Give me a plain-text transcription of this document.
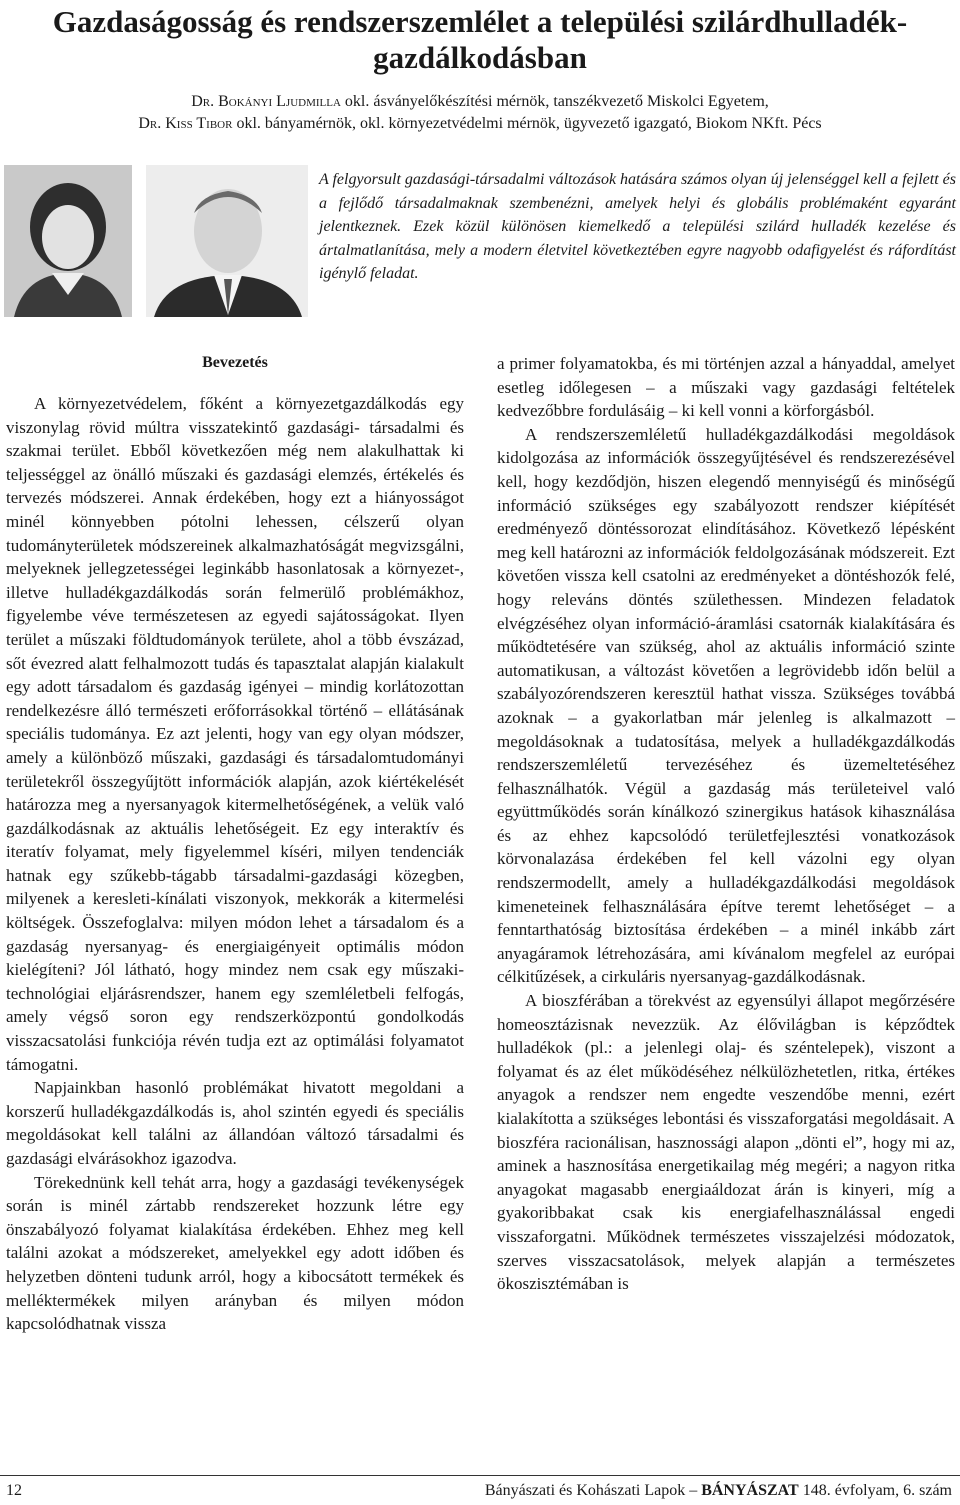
Gazdaságosság és rendszerszemlélet a települési szilárdhulladék-gazdálkodásban
Dr. Bokányi Ljudmilla okl. ásványelőkészítési mérnök, tanszékvezető Miskolci Egyetem,
Dr. Kiss Tibor okl. bányamérnök, okl. környezetvédelmi mérnök, ügyvezető igazgató, Biokom NKft. Pécs

A felgyorsult gazdasági-társadalmi változások hatására számos olyan új jelenséggel kell a fejlett és a fejlődő társadalmaknak szembenézni, amelyek helyi és globális problémaként egyaránt jelentkeznek. Ezek közül különösen kiemelkedő a települési szilárd hulladék kezelése és ártalmatlanítása, mely a modern életvitel következtében egyre nagyobb odafigyelést és ráfordítást igénylő feladat.

Bevezetés

A környezetvédelem, főként a környezetgazdálkodás egy viszonylag rövid múltra visszatekintő gazdasági- társadalmi és szakmai terület. Ebből következően még nem alakulhattak ki teljességgel az önálló műszaki és gazdasági elemzés, értékelés és tervezés módszerei. Annak érdekében, hogy ezt a hiányosságot minél könnyebben pótolni lehessen, célszerű olyan tudományterületek módszereinek alkalmazhatóságát megvizsgálni, melyeknek jellegzetességei leginkább hasonlatosak a környezet-, illetve hulladékgazdálkodás során felmerülő problémákhoz, figyelembe véve természetesen az egyedi sajátosságokat. Ilyen terület a műszaki földtudományok területe, ahol a több évszázad, sőt évezred alatt felhalmozott tudás és tapasztalat alapján kialakult egy adott társadalom és gazdaság igényei – mindig korlátozottan rendelkezésre álló természeti erőforrásokkal történő – ellátásának speciális tudománya. Ez azt jelenti, hogy van egy olyan módszer, amely a különböző műszaki, gazdasági és társadalomtudományi területekről összegyűjtött információk alapján, azok kiértékelését határozza meg a nyersanyagok kitermelhetőségének, a velük való gazdálkodásnak az aktuális lehetőségeit. Ez egy interaktív és iteratív folyamat, mely figyelemmel kíséri, milyen tendenciák hatnak egy szűkebb-tágabb társadalmi-gazdasági közegben, milyenek a keresleti-kínálati viszonyok, mekkorák a kitermelési költségek. Összefoglalva: milyen módon lehet a társadalom és a gazdaság nyersanyag- és energiaigényeit optimális módon kielégíteni? Jól látható, hogy mindez nem csak egy műszaki-technológiai eljárásrendszer, hanem egy szemléletbeli felfogás, amely végső soron egy rendszerközpontú gondolkodás visszacsatolási funkciója révén tudja ezt az optimálási folyamatot támogatni.

Napjainkban hasonló problémákat hivatott megoldani a korszerű hulladékgazdálkodás is, ahol szintén egyedi és speciális megoldásokat kell találni az állandóan változó társadalmi és gazdasági elvárásokhoz igazodva.

Törekednünk kell tehát arra, hogy a gazdasági tevékenységek során is minél zártabb rendszereket hozzunk létre egy önszabályozó folyamat kialakítása érdekében. Ehhez meg kell találni azokat a módszereket, amelyekkel egy adott időben és helyzetben dönteni tudunk arról, hogy a kibocsátott termékek és melléktermékek milyen arányban és milyen módon kapcsolódhatnak vissza

a primer folyamatokba, és mi történjen azzal a hányaddal, amelyet esetleg időlegesen – a műszaki vagy gazdasági feltételek kedvezőbbre fordulásáig – ki kell vonni a körforgásból.

A rendszerszemléletű hulladékgazdálkodási megoldások kidolgozása az információk összegyűjtésével és rendszerezésével kell, hogy kezdődjön, hiszen elegendő mennyiségű és minőségű információ szükséges egy szabályozott rendszer kiépítését eredményező döntéssorozat elindításához. Következő lépésként meg kell határozni az információk feldolgozásának módszereit. Ezt követően vissza kell csatolni az eredményeket a döntéshozók felé, hogy releváns döntés születhessen. Mindezen feladatok elvégzéséhez olyan információ-áramlási csatornák kialakítására és működtetésére van szükség, ahol az aktuális információ szinte automatikusan, a változást követően a legrövidebb időn belül a szabályozórendszeren keresztül hathat vissza. Szükséges továbbá azoknak – a gyakorlatban már jelenleg is alkalmazott –megoldásoknak a tudatosítása, melyek a hulladékgazdálkodás rendszerszemléletű tervezéséhez és üzemeltetéséhez felhasználhatók. Végül a gazdaság más területeivel való együttműködés során kínálkozó szinergikus hatások kihasználása és az ehhez kapcsolódó területfejlesztési vonatkozások körvonalazása érdekében fel kell vázolni egy olyan rendszermodellt, amely a hulladékgazdálkodási megoldások kimeneteinek felhasználására építve teremt lehetőséget – a fenntarthatóság biztosítása érdekében – a minél inkább zárt anyagáramok létrehozására, ami kívánalom megfelel az európai célkitűzések, a cirkuláris nyersanyag-gazdálkodásnak.

A bioszférában a törekvést az egyensúlyi állapot megőrzésére homeosztázisnak nevezzük. Az élővilágban is képződtek hulladékok (pl.: a jelenlegi olaj- és széntelepek), viszont a folyamat és az élet működéséhez nélkülözhetetlen, ritka, értékes anyagok a rendszer nem engedte veszendőbe menni, ezért kialakította a szükséges lebontási és visszaforgatási megoldásait. A bioszféra racionálisan, hasznossági alapon „dönti el”, hogy mi az, aminek a hasznosítása energetikailag még megéri; a nagyon ritka anyagokat magasabb energiaáldozat árán is kinyeri, míg a gyakoribbakat csak kis energiafelhasználással engedi visszaforgatni. Működnek természetes visszajelzési módozatok, szerves visszacsatolások, melyek alapján a természetes ökoszisztémában is

12	Bányászati és Kohászati Lapok – BÁNYÁSZAT 148. évfolyam, 6. szám
